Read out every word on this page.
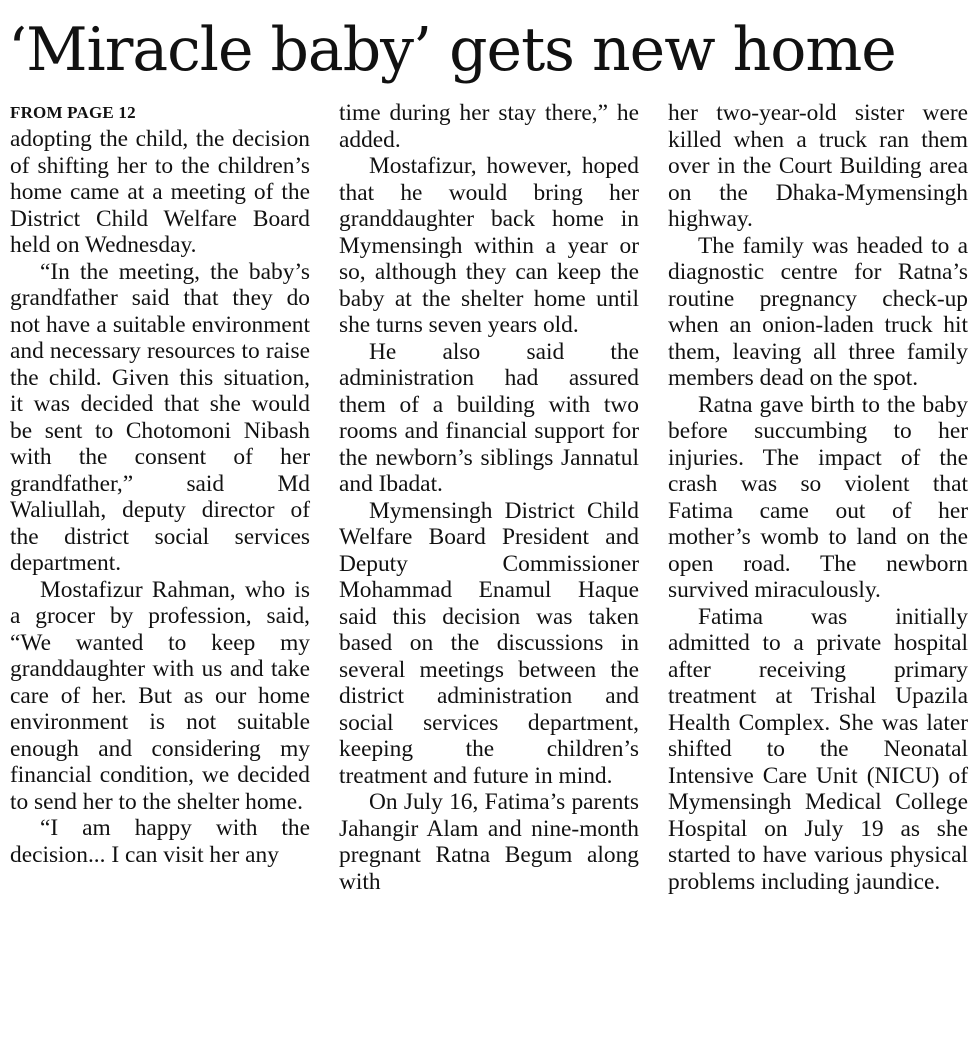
‘Miracle baby’ gets new home
FROM PAGE 12

adopting the child, the decision of shifting her to the children’s home came at a meeting of the District Child Welfare Board held on Wednesday.

“In the meeting, the baby’s grandfather said that they do not have a suitable environment and necessary resources to raise the child. Given this situation, it was decided that she would be sent to Chotomoni Nibash with the consent of her grandfather,” said Md Waliullah, deputy director of the district social services department.

Mostafizur Rahman, who is a grocer by profession, said, “We wanted to keep my granddaughter with us and take care of her. But as our home environment is not suitable enough and considering my financial condition, we decided to send her to the shelter home.

“I am happy with the decision... I can visit her any

time during her stay there,” he added.

Mostafizur, however, hoped that he would bring her granddaughter back home in Mymensingh within a year or so, although they can keep the baby at the shelter home until she turns seven years old.

He also said the administration had assured them of a building with two rooms and financial support for the newborn’s siblings Jannatul and Ibadat.

Mymensingh District Child Welfare Board President and Deputy Commissioner Mohammad Enamul Haque said this decision was taken based on the discussions in several meetings between the district administration and social services department, keeping the children’s treatment and future in mind.

On July 16, Fatima’s parents Jahangir Alam and nine-month pregnant Ratna Begum along with

her two-year-old sister were killed when a truck ran them over in the Court Building area on the Dhaka-Mymensingh highway.

The family was headed to a diagnostic centre for Ratna’s routine pregnancy check-up when an onion-laden truck hit them, leaving all three family members dead on the spot.

Ratna gave birth to the baby before succumbing to her injuries. The impact of the crash was so violent that Fatima came out of her mother’s womb to land on the open road. The newborn survived miraculously.

Fatima was initially admitted to a private hospital after receiving primary treatment at Trishal Upazila Health Complex. She was later shifted to the Neonatal Intensive Care Unit (NICU) of Mymensingh Medical College Hospital on July 19 as she started to have various physical problems including jaundice.
